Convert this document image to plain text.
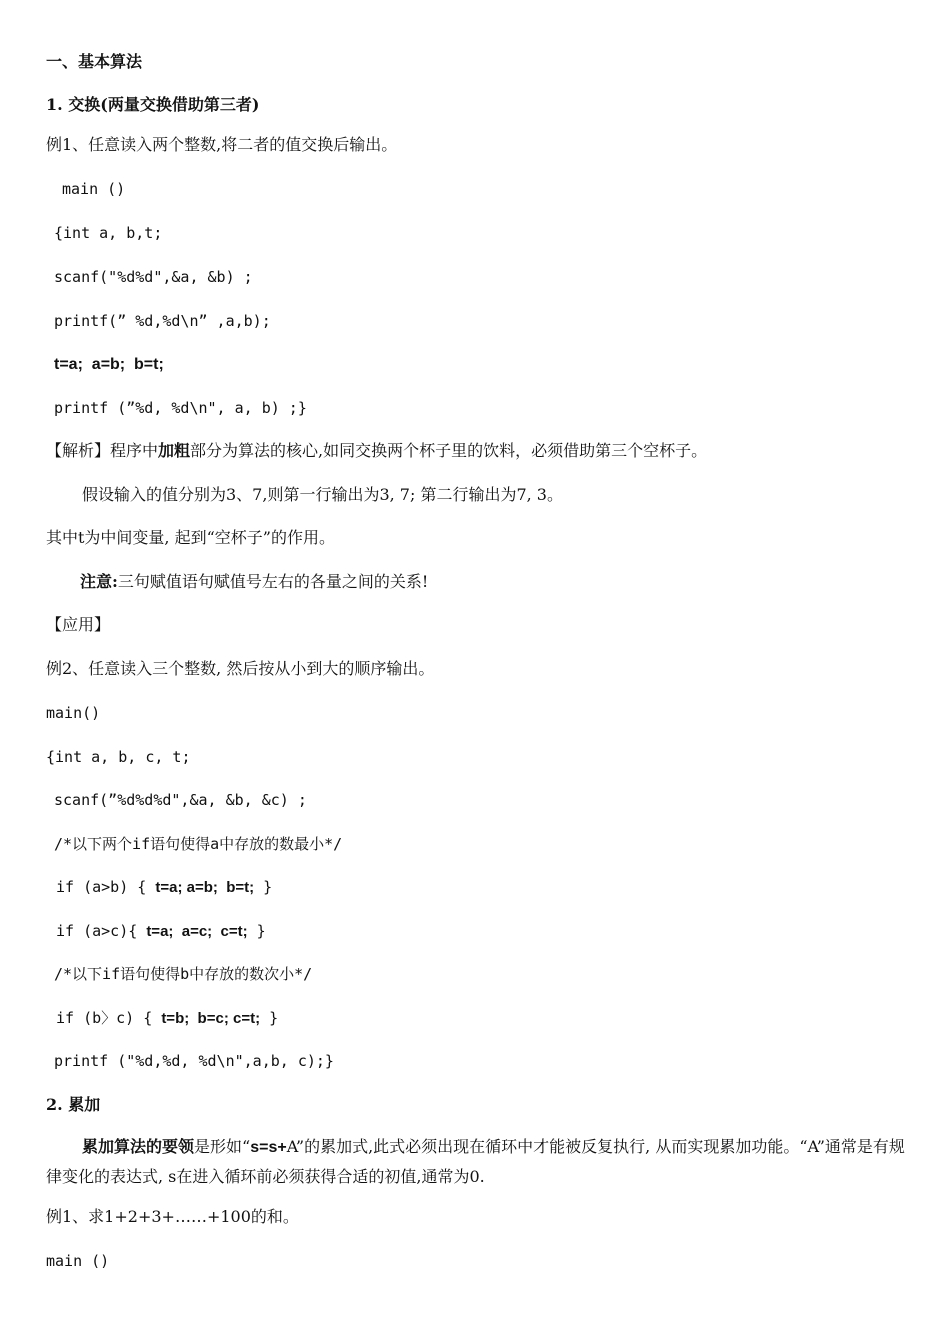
一、基本算法
1. 交换(两量交换借助第三者)
例1、任意读入两个整数,将二者的值交换后输出。
main ()
{int a, b,t;
scanf("%d%d",&a, &b) ;
printf(” %d,%d\n” ,a,b);
t=a;  a=b;  b=t;
printf (”%d, %d\n", a, b) ;}
【解析】程序中加粗部分为算法的核心,如同交换两个杯子里的饮料，必须借助第三个空杯子。
假设输入的值分别为3、7,则第一行输出为3, 7; 第二行输出为7, 3。
其中t为中间变量, 起到“空杯子”的作用。
注意:三句赋值语句赋值号左右的各量之间的关系!
【应用】
例2、任意读入三个整数, 然后按从小到大的顺序输出。
main()
{int a, b, c, t;
scanf(”%d%d%d",&a, &b, &c) ;
/*以下两个if语句使得a中存放的数最小*/
if (a>b) { t=a; a=b;  b=t; }
if (a>c){ t=a;  a=c;  c=t; }
/*以下if语句使得b中存放的数次小*/
if (b〉c) { t=b;  b=c; c=t; }
printf ("%d,%d, %d\n",a,b, c);}
2. 累加
累加算法的要领是形如“s=s+A”的累加式,此式必须出现在循环中才能被反复执行, 从而实现累加功能。“A”通常是有规律变化的表达式, s在进入循环前必须获得合适的初值,通常为0.
例1、求1+2+3+……+100的和。
main ()
